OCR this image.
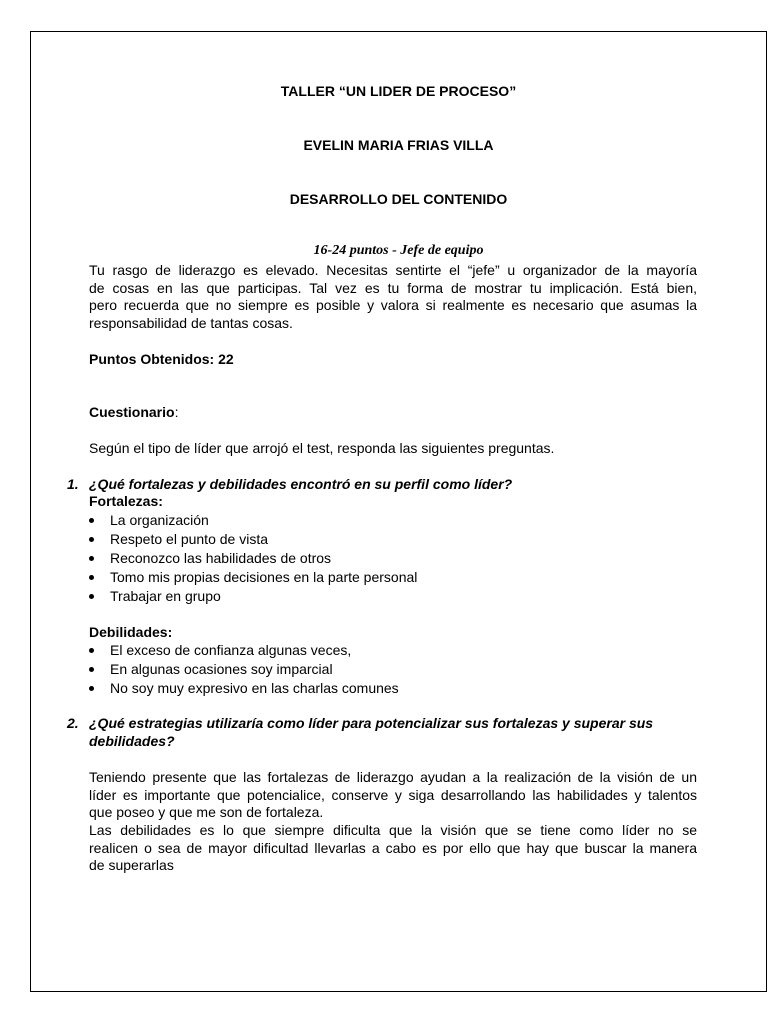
TALLER “UN LIDER DE PROCESO”

EVELIN MARIA FRIAS VILLA

DESARROLLO DEL CONTENIDO

16-24 puntos - Jefe de equipo

Tu rasgo de liderazgo es elevado. Necesitas sentirte el “jefe” u organizador de la mayoría
de cosas en las que participas. Tal vez es tu forma de mostrar tu implicación. Está bien,
pero recuerda que no siempre es posible y valora si realmente es necesario que asumas la
responsabilidad de tantas cosas.

Puntos Obtenidos: 22

Cuestionario:

Según el tipo de líder que arrojó el test, responda las siguientes preguntas.

1. ¿Qué fortalezas y debilidades encontró en su perfil como líder?

Fortalezas:

La organización
Respeto el punto de vista
Reconozco las habilidades de otros
Tomo mis propias decisiones en la parte personal
Trabajar en grupo

Debilidades:

El exceso de confianza algunas veces,
En algunas ocasiones soy imparcial
No soy muy expresivo en las charlas comunes
2. ¿Qué estrategias utilizaría como líder para potencializar sus fortalezas y superar sus debilidades?

Teniendo presente que las fortalezas de liderazgo ayudan a la realización de la visión de un
líder es importante que potencialice, conserve y siga desarrollando las habilidades y talentos
que poseo y que me son de fortaleza.
Las debilidades es lo que siempre dificulta que la visión que se tiene como líder no se
realicen o sea de mayor dificultad llevarlas a cabo es por ello que hay que buscar la manera
de superarlas
